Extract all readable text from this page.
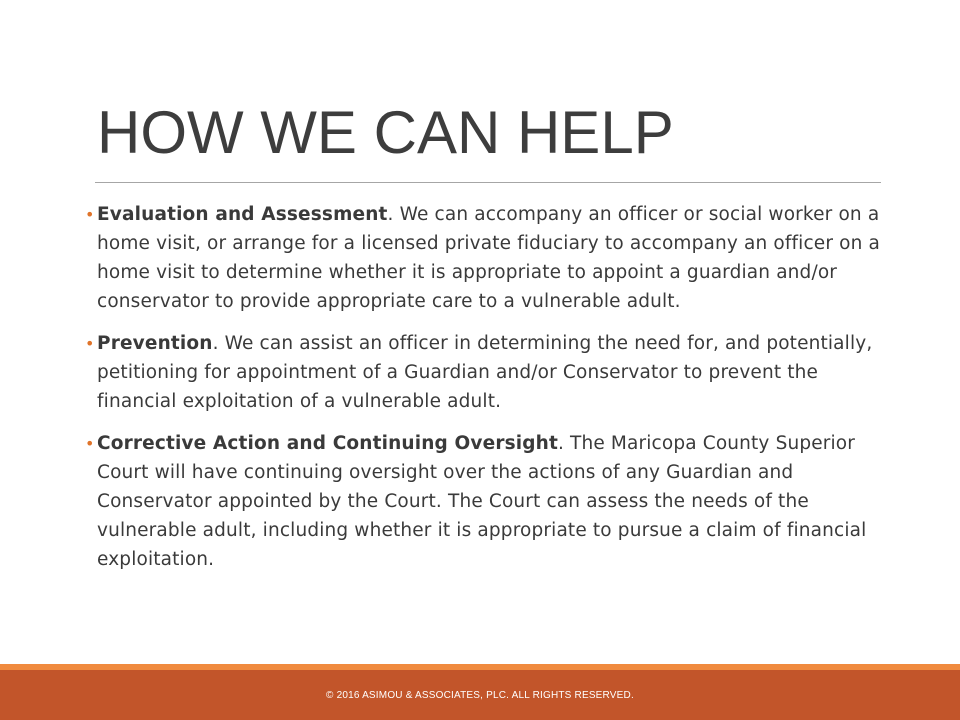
HOW WE CAN HELP
• Evaluation and Assessment. We can accompany an officer or social worker on a home visit, or arrange for a licensed private fiduciary to accompany an officer on a home visit to determine whether it is appropriate to appoint a guardian and/or conservator to provide appropriate care to a vulnerable adult.
• Prevention. We can assist an officer in determining the need for, and potentially, petitioning for appointment of a Guardian and/or Conservator to prevent the financial exploitation of a vulnerable adult.
• Corrective Action and Continuing Oversight. The Maricopa County Superior Court will have continuing oversight over the actions of any Guardian and Conservator appointed by the Court. The Court can assess the needs of the vulnerable adult, including whether it is appropriate to pursue a claim of financial exploitation.
© 2016 ASIMOU & ASSOCIATES, PLC. ALL RIGHTS RESERVED.
